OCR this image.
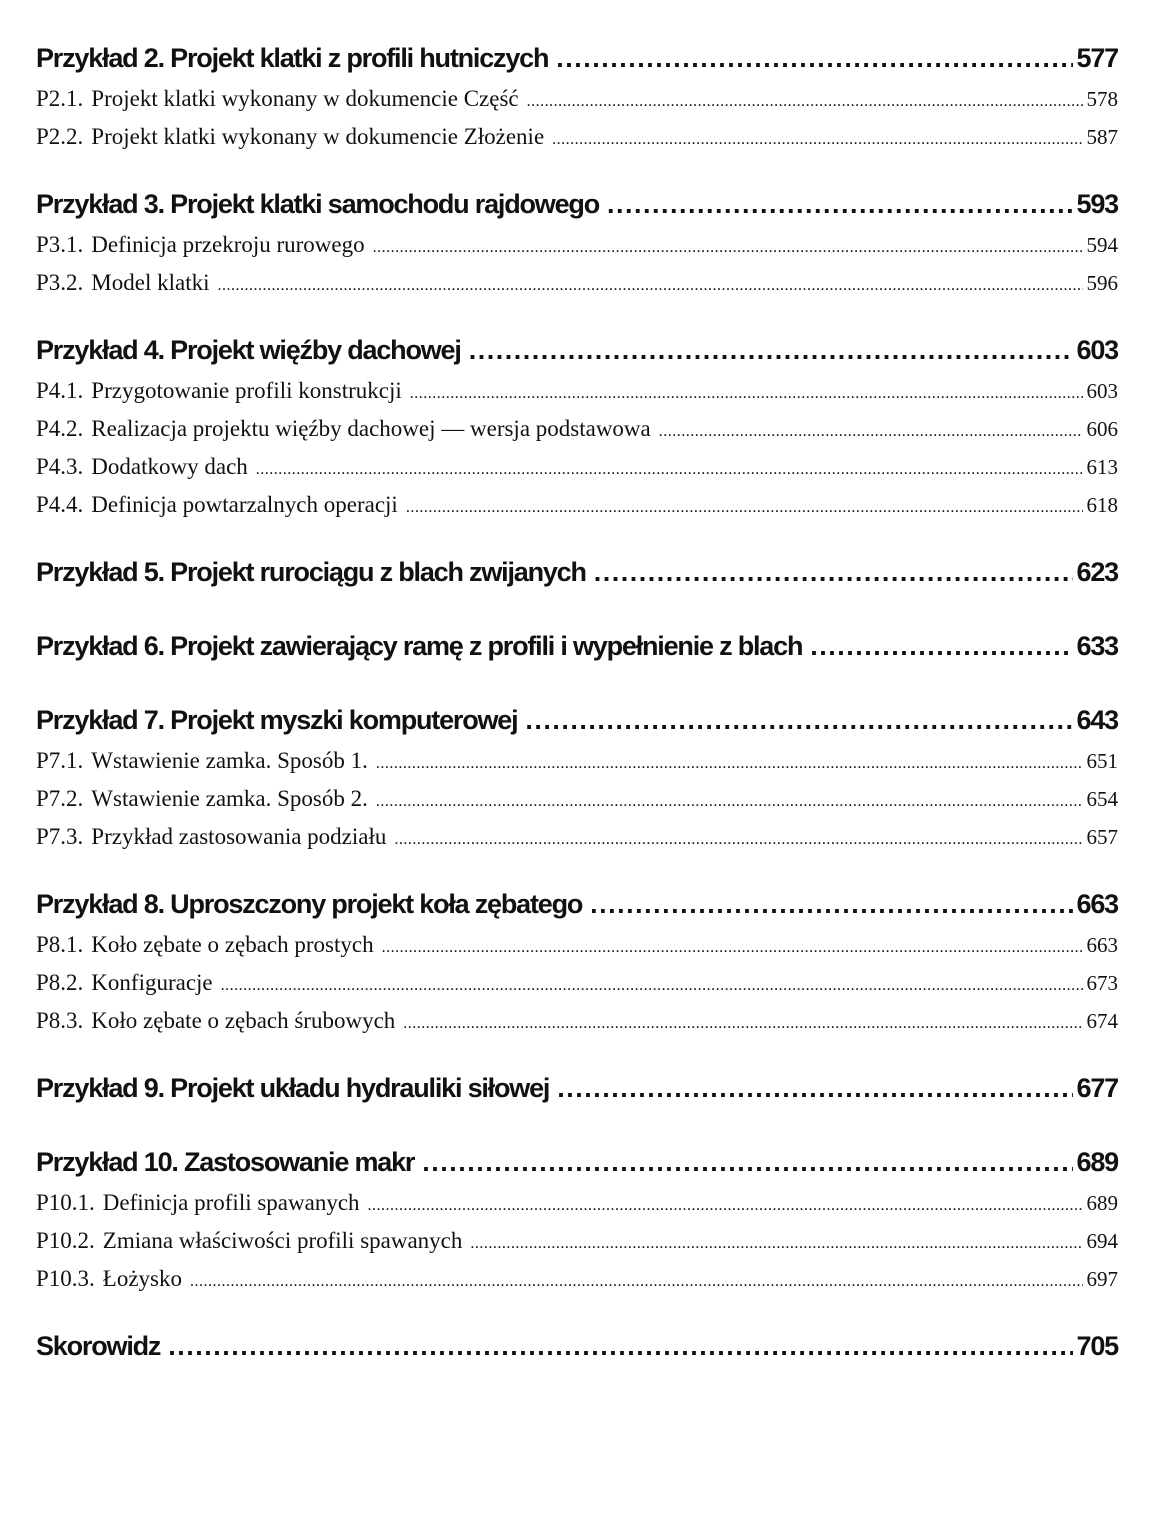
Przykład 2. Projekt klatki z profili hutniczych .....	577
P2.1. Projekt klatki wykonany w dokumencie Część .....	578
P2.2. Projekt klatki wykonany w dokumencie Złożenie .....	587
Przykład 3. Projekt klatki samochodu rajdowego .....	593
P3.1. Definicja przekroju rurowego .....	594
P3.2. Model klatki .....	596
Przykład 4. Projekt więźby dachowej .....	603
P4.1. Przygotowanie profili konstrukcji .....	603
P4.2. Realizacja projektu więźby dachowej — wersja podstawowa .....	606
P4.3. Dodatkowy dach .....	613
P4.4. Definicja powtarzalnych operacji .....	618
Przykład 5. Projekt rurociągu z blach zwijanych .....	623
Przykład 6. Projekt zawierający ramę z profili i wypełnienie z blach .....	633
Przykład 7. Projekt myszki komputerowej .....	643
P7.1. Wstawienie zamka. Sposób 1. .....	651
P7.2. Wstawienie zamka. Sposób 2. .....	654
P7.3. Przykład zastosowania podziału .....	657
Przykład 8. Uproszczony projekt koła zębatego .....	663
P8.1. Koło zębate o zębach prostych .....	663
P8.2. Konfiguracje .....	673
P8.3. Koło zębate o zębach śrubowych .....	674
Przykład 9. Projekt układu hydrauliki siłowej .....	677
Przykład 10. Zastosowanie makr .....	689
P10.1. Definicja profili spawanych .....	689
P10.2. Zmiana właściwości profili spawanych .....	694
P10.3. Łożysko .....	697
Skorowidz .....	705
